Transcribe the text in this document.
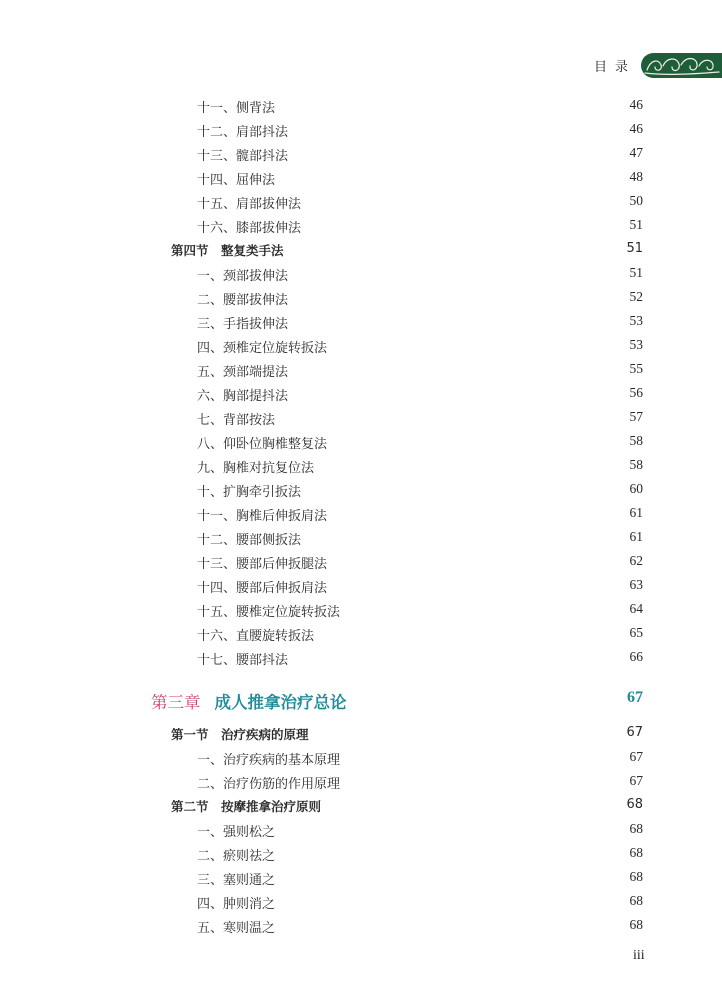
目录
十一、侧背法	46
十二、肩部抖法	46
十三、髋部抖法	47
十四、屈伸法	48
十五、肩部拔伸法	50
十六、膝部拔伸法	51
第四节　整复类手法	51
一、颈部拔伸法	51
二、腰部拔伸法	52
三、手指拔伸法	53
四、颈椎定位旋转扳法	53
五、颈部端提法	55
六、胸部提抖法	56
七、背部按法	57
八、仰卧位胸椎整复法	58
九、胸椎对抗复位法	58
十、扩胸牵引扳法	60
十一、胸椎后伸扳肩法	61
十二、腰部侧扳法	61
十三、腰部后伸扳腿法	62
十四、腰部后伸扳肩法	63
十五、腰椎定位旋转扳法	64
十六、直腰旋转扳法	65
十七、腰部抖法	66
第三章 成人推拿治疗总论	67
第一节　治疗疾病的原理	67
一、治疗疾病的基本原理	67
二、治疗伤筋的作用原理	67
第二节　按摩推拿治疗原则	68
一、强则松之	68
二、瘀则祛之	68
三、塞则通之	68
四、肿则消之	68
五、寒则温之	68
iii
